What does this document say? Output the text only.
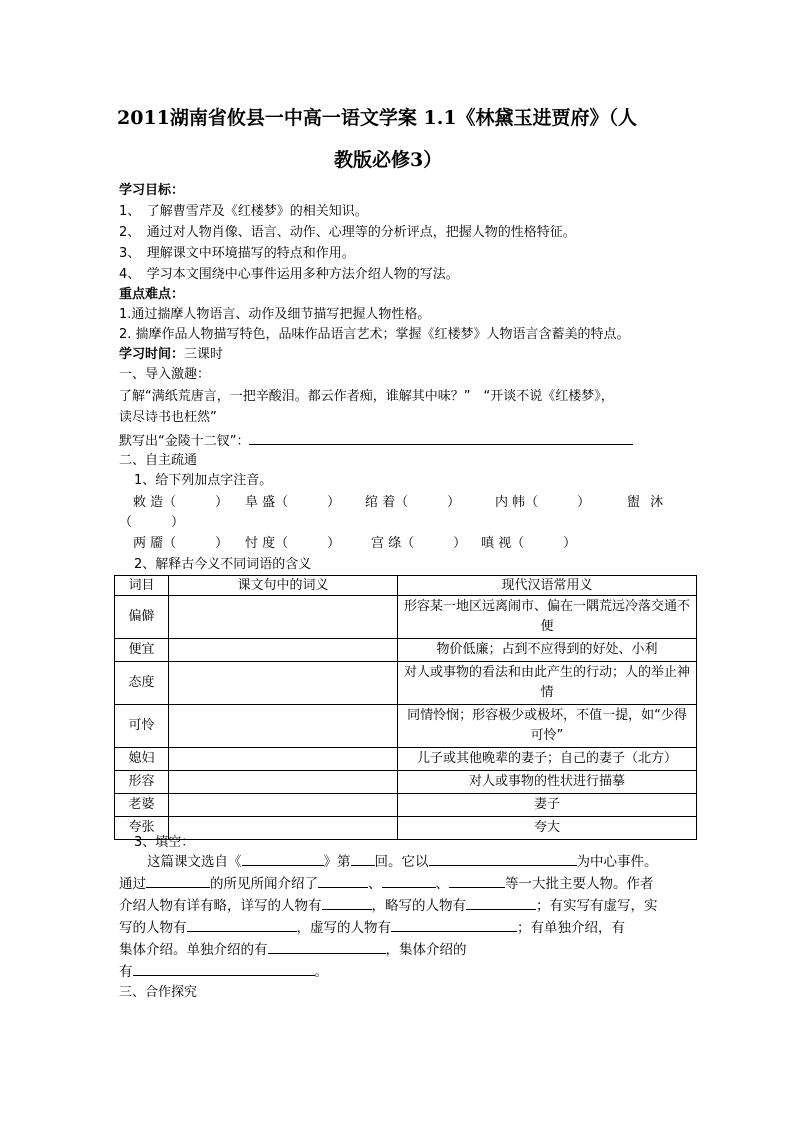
2011湖南省攸县一中高一语文学案 1.1《林黛玉进贾府》（人
教版必修3）
学习目标：
1、　了解曹雪芹及《红楼梦》的相关知识。
2、　通过对人物肖像、语言、动作、心理等的分析评点，把握人物的性格特征。
3、　理解课文中环境描写的特点和作用。
4、　学习本文围绕中心事件运用多种方法介绍人物的写法。
重点难点：
1.通过揣摩人物语言、动作及细节描写把握人物性格。
2. 揣摩作品人物描写特色，品味作品语言艺术；掌握《红楼梦》人物语言含蓄美的特点。
学习时间：三课时
一、导入激趣：
了解“满纸荒唐言，一把辛酸泪。都云作者痴，谁解其中味？”　“开谈不说《红楼梦》，
读尽诗书也枉然”
默写出“金陵十二钗”：
二、自主疏通
1、给下列加点字注音。
敕 造（　　　） 阜 盛（　　　） 绾 着（　　　）	内 帏（　　　）	盥 沐
（　　　）
两 靥（　　　） 忖 度（　　　） 宫 绦（　　　） 嗔 视（　　　）
2、解释古今义不同词语的含义
词目	课文句中的词义	现代汉语常用义
偏僻		形容某一地区远离闹市、偏在一隅荒远冷落交通不便
便宜		物价低廉；占到不应得到的好处、小利
态度		对人或事物的看法和由此产生的行动；人的举止神情
可怜		同情怜悯；形容极少或极坏，不值一提，如“少得可怜”
媳妇		儿子或其他晚辈的妻子；自己的妻子（北方）
形容		对人或事物的性状进行描摹
老婆		妻子
夸张		夸大
3、填空：
这篇课文选自《	》第 回。它以	为中心事件。
通过	的所见所闻介绍了	、	、	等一大批主要人物。作者
介绍人物有详有略，详写的人物有	，略写的人物有	；有实写有虚写，实
写的人物有	，虚写的人物有	；有单独介绍，有
集体介绍。单独介绍的有	，集体介绍的
有	。
三、合作探究
